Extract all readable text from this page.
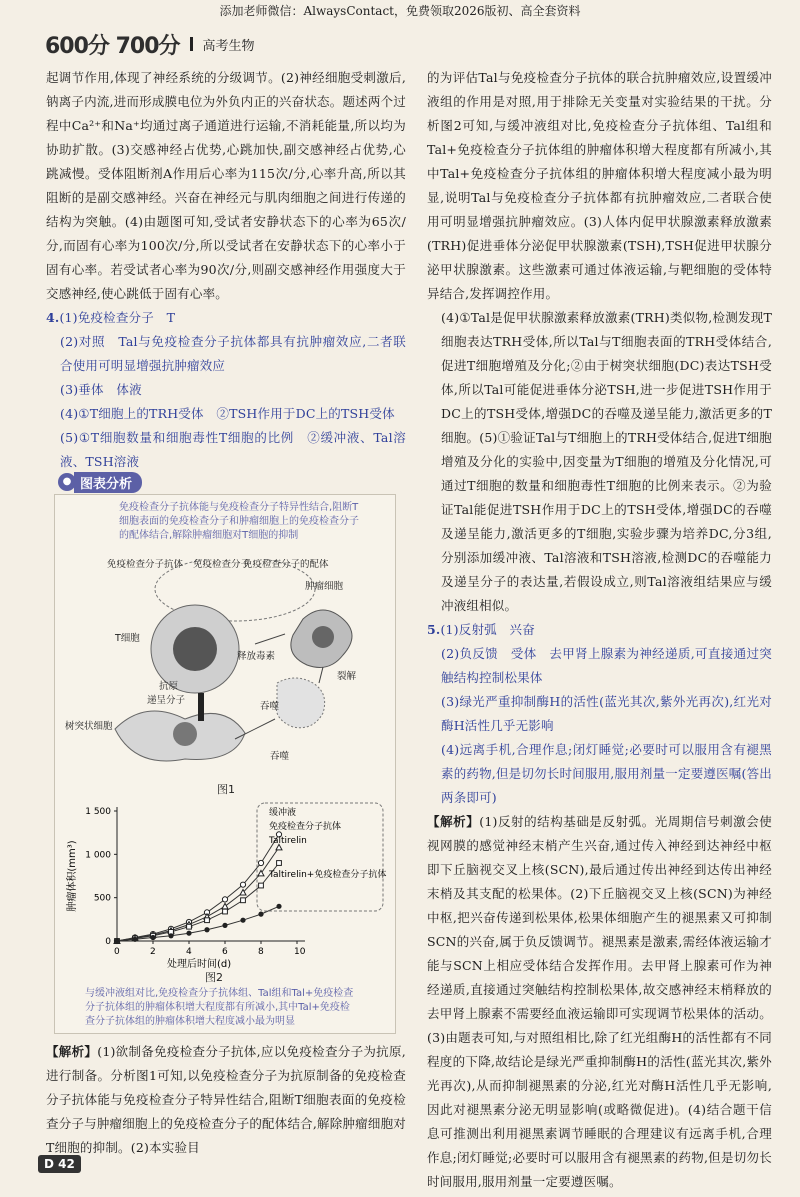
添加老师微信：AlwaysContact，免费领取2026版初、高全套资料
600分 700分 高考生物

起调节作用,体现了神经系统的分级调节。(2)神经细胞受刺激后,钠离子内流,进而形成膜电位为外负内正的兴奋状态。题述两个过程中Ca²⁺和Na⁺均通过离子通道进行运输,不消耗能量,所以均为协助扩散。(3)交感神经占优势,心跳加快,副交感神经占优势,心跳减慢。受体阻断剂A作用后心率为115次/分,心率升高,所以其阻断的是副交感神经。兴奋在神经元与肌肉细胞之间进行传递的结构为突触。(4)由题图可知,受试者安静状态下的心率为65次/分,而固有心率为100次/分,所以受试者在安静状态下的心率小于固有心率。若受试者心率为90次/分,则副交感神经作用强度大于交感神经,使心跳低于固有心率。

4.(1)免疫检查分子　T

(2)对照　Tal与免疫检查分子抗体都具有抗肿瘤效应,二者联合使用可明显增强抗肿瘤效应

(3)垂体　体液

(4)①T细胞上的TRH受体　②TSH作用于DC上的TSH受体

(5)①T细胞数量和细胞毒性T细胞的比例　②缓冲液、Tal溶液、TSH溶液

● 图表分析
免疫检查分子抗体能与免疫检查分子特异性结合,阻断T细胞表面的免疫检查分子和肿瘤细胞上的免疫检查分子的配体结合,解除肿瘤细胞对T细胞的抑制
免疫检查分子抗体 免疫检查分子
免疫检查分子的配体
肿瘤细胞
T细胞
释放毒素
裂解
抗原
递呈分子
吞噬
吞噬
树突状细胞
图1
0	2	4	6	8	10
0
500
1 000
1 500
处理后时间(d)
肿瘤体积(mm³)
缓冲液
免疫检查分子抗体
Taltirelin
Taltirelin+免疫检查分子抗体
图2
与缓冲液组对比,免疫检查分子抗体组、Tal组和Tal+免疫检查分子抗体组的肿瘤体积增大程度都有所减小,其中Tal+免疫检查分子抗体组的肿瘤体积增大程度减小最为明显

【解析】(1)欲制备免疫检查分子抗体,应以免疫检查分子为抗原,进行制备。分析图1可知,以免疫检查分子为抗原制备的免疫检查分子抗体能与免疫检查分子特异性结合,阻断T细胞表面的免疫检查分子与肿瘤细胞上的免疫检查分子的配体结合,解除肿瘤细胞对T细胞的抑制。(2)本实验目

的为评估Tal与免疫检查分子抗体的联合抗肿瘤效应,设置缓冲液组的作用是对照,用于排除无关变量对实验结果的干扰。分析图2可知,与缓冲液组对比,免疫检查分子抗体组、Tal组和Tal+免疫检查分子抗体组的肿瘤体积增大程度都有所减小,其中Tal+免疫检查分子抗体组的肿瘤体积增大程度减小最为明显,说明Tal与免疫检查分子抗体都有抗肿瘤效应,二者联合使用可明显增强抗肿瘤效应。(3)人体内促甲状腺激素释放激素(TRH)促进垂体分泌促甲状腺激素(TSH),TSH促进甲状腺分泌甲状腺激素。这些激素可通过体液运输,与靶细胞的受体特异结合,发挥调控作用。

(4)①Tal是促甲状腺激素释放激素(TRH)类似物,检测发现T细胞表达TRH受体,所以Tal与T细胞表面的TRH受体结合,促进T细胞增殖及分化;②由于树突状细胞(DC)表达TSH受体,所以Tal可能促进垂体分泌TSH,进一步促进TSH作用于DC上的TSH受体,增强DC的吞噬及递呈能力,激活更多的T细胞。(5)①验证Tal与T细胞上的TRH受体结合,促进T细胞增殖及分化的实验中,因变量为T细胞的增殖及分化情况,可通过T细胞的数量和细胞毒性T细胞的比例来表示。②为验证Tal能促进TSH作用于DC上的TSH受体,增强DC的吞噬及递呈能力,激活更多的T细胞,实验步骤为培养DC,分3组,分别添加缓冲液、Tal溶液和TSH溶液,检测DC的吞噬能力及递呈分子的表达量,若假设成立,则Tal溶液组结果应与缓冲液组相似。

5.(1)反射弧　兴奋

(2)负反馈　受体　去甲肾上腺素为神经递质,可直接通过突触结构控制松果体

(3)绿光严重抑制酶H的活性(蓝光其次,紫外光再次),红光对酶H活性几乎无影响

(4)远离手机,合理作息;闭灯睡觉;必要时可以服用含有褪黑素的药物,但是切勿长时间服用,服用剂量一定要遵医嘱(答出两条即可)

【解析】(1)反射的结构基础是反射弧。光周期信号刺激会使视网膜的感觉神经末梢产生兴奋,通过传入神经到达神经中枢即下丘脑视交叉上核(SCN),最后通过传出神经到达传出神经末梢及其支配的松果体。(2)下丘脑视交叉上核(SCN)为神经中枢,把兴奋传递到松果体,松果体细胞产生的褪黑素又可抑制SCN的兴奋,属于负反馈调节。褪黑素是激素,需经体液运输才能与SCN上相应受体结合发挥作用。去甲肾上腺素可作为神经递质,直接通过突触结构控制松果体,故交感神经末梢释放的去甲肾上腺素不需要经血液运输即可实现调节松果体的活动。(3)由题表可知,与对照组相比,除了红光组酶H的活性都有不同程度的下降,故结论是绿光严重抑制酶H的活性(蓝光其次,紫外光再次),从而抑制褪黑素的分泌,红光对酶H活性几乎无影响,因此对褪黑素分泌无明显影响(或略微促进)。(4)结合题干信息可推测出利用褪黑素调节睡眠的合理建议有远离手机,合理作息;闭灯睡觉;必要时可以服用含有褪黑素的药物,但是切勿长时间服用,服用剂量一定要遵医嘱。

D 42
